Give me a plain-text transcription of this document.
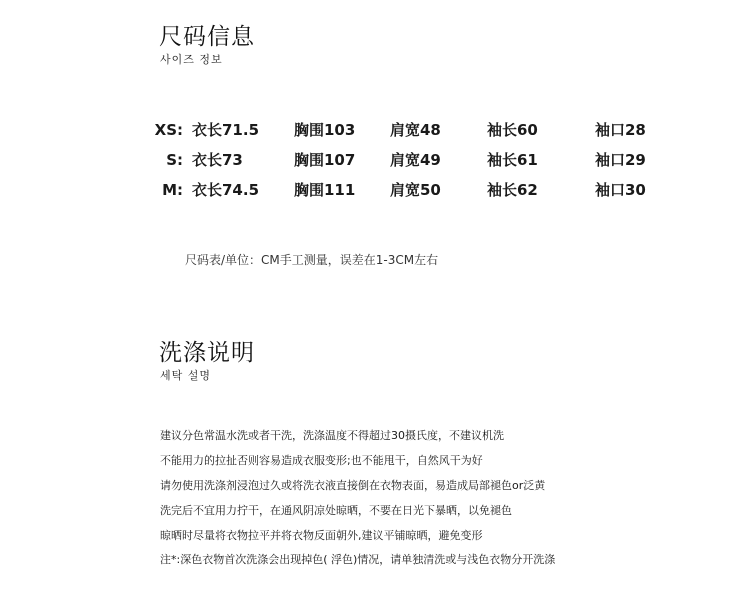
尺码信息
사이즈 정보
XS: 衣长71.5 胸围103 肩宽48	袖长60	袖口28
S: 衣长73	胸围107 肩宽49	袖长61	袖口29
M: 衣长74.5 胸围111 肩宽50	袖长62	袖口30
尺码表/单位：CM手工测量，误差在1-3CM左右
洗涤说明
세탁 설명
建议分色常温水洗或者干洗，洗涤温度不得超过30摄氏度，不建议机洗
不能用力的拉扯否则容易造成衣服变形;也不能甩干，自然风干为好
请勿使用洗涤剂浸泡过久或将洗衣液直接倒在衣物表面，易造成局部褪色or泛黄
洗完后不宜用力拧干，在通风阴凉处晾晒，不要在日光下暴晒，以免褪色
晾晒时尽量将衣物拉平并将衣物反面朝外,建议平铺晾晒，避免变形
注*:深色衣物首次洗涤会出现掉色( 浮色)情况，请单独清洗或与浅色衣物分开洗涤
